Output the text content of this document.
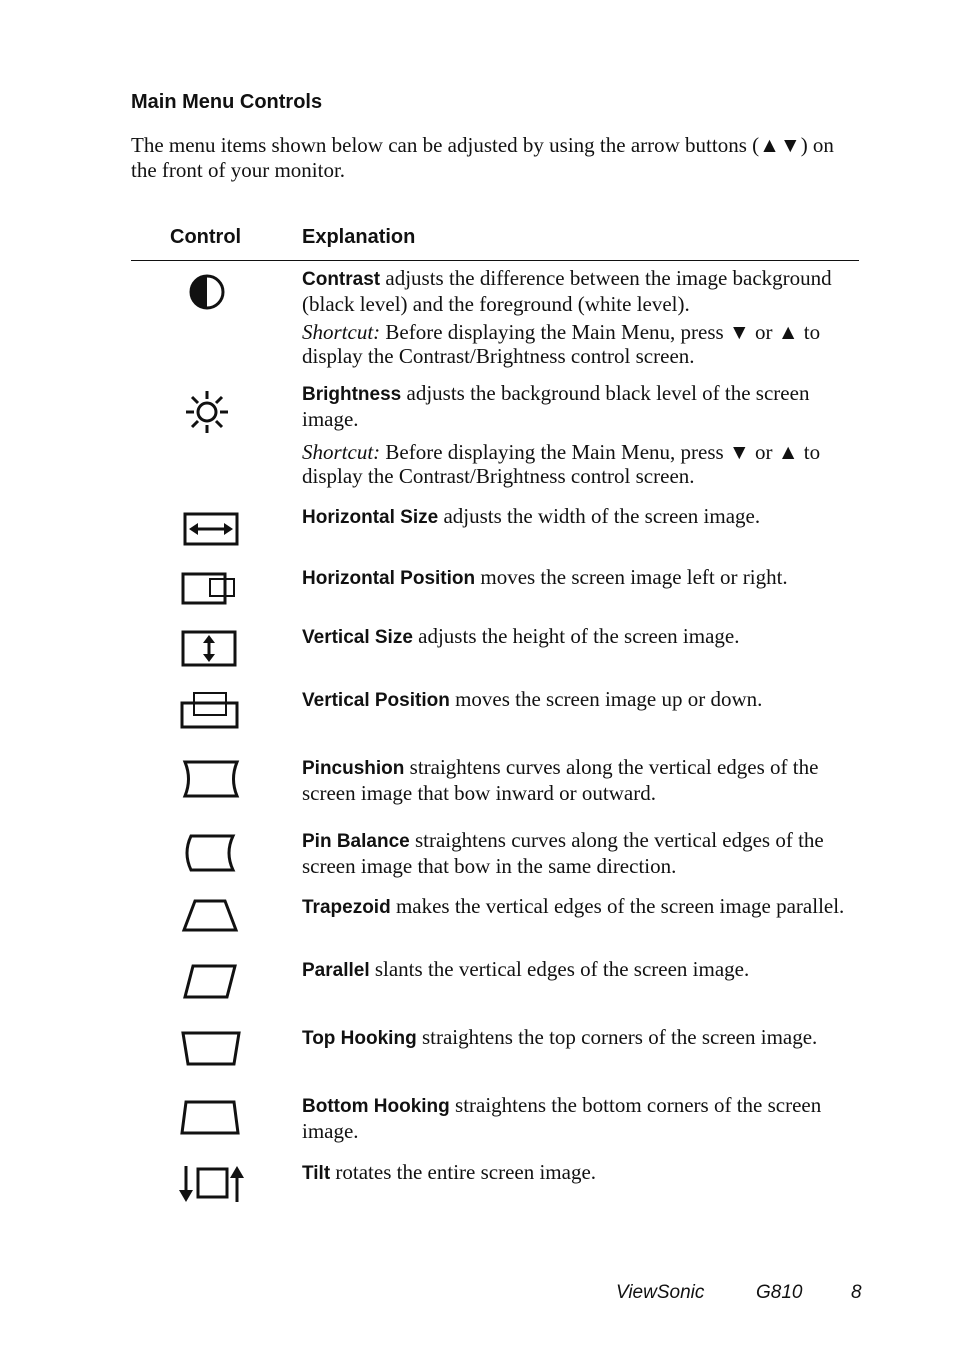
Main Menu Controls
The menu items shown below can be adjusted by using the arrow buttons (▲▼) on the front of your monitor.
Control	Explanation
Contrast adjusts the difference between the image background (black level) and the foreground (white level).
Shortcut: Before displaying the Main Menu, press ▼ or ▲ to display the Contrast/Brightness control screen.
Brightness adjusts the background black level of the screen image.
Shortcut: Before displaying the Main Menu, press ▼ or ▲ to display the Contrast/Brightness control screen.
Horizontal Size adjusts the width of the screen image.
Horizontal Position moves the screen image left or right.
Vertical Size adjusts the height of the screen image.
Vertical Position moves the screen image up or down.
Pincushion straightens curves along the vertical edges of the screen image that bow inward or outward.
Pin Balance straightens curves along the vertical edges of the screen image that bow in the same direction.
Trapezoid makes the vertical edges of the screen image parallel.
Parallel slants the vertical edges of the screen image.
Top Hooking straightens the top corners of the screen image.
Bottom Hooking straightens the bottom corners of the screen image.
Tilt rotates the entire screen image.
ViewSonic	G810	8
